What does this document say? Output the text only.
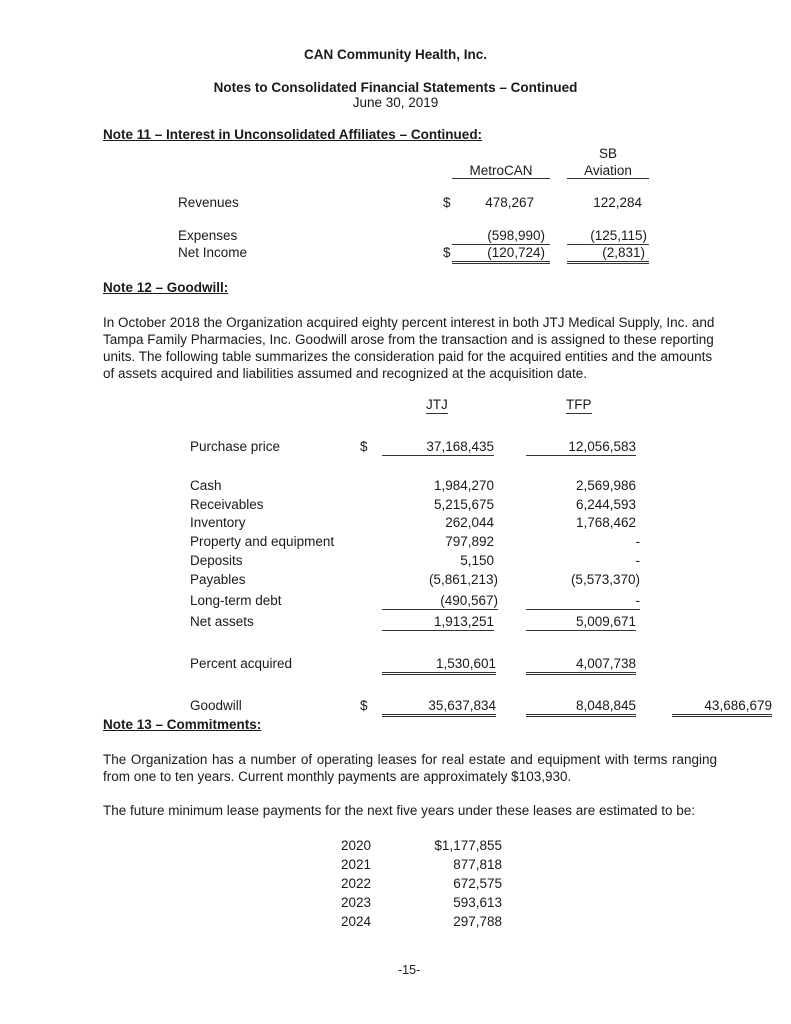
CAN Community Health, Inc.
Notes to Consolidated Financial Statements – Continued
June 30, 2019
Note 11 – Interest in Unconsolidated Affiliates – Continued:
MetroCAN
SB
Aviation
Revenues	$	478,267	122,284
Expenses	(598,990)	(125,115)
Net Income	$	(120,724)	(2,831)
Note 12 – Goodwill:
In October 2018 the Organization acquired eighty percent interest in both JTJ Medical Supply, Inc. and Tampa Family Pharmacies, Inc. Goodwill arose from the transaction and is assigned to these reporting units. The following table summarizes the consideration paid for the acquired entities and the amounts of assets acquired and liabilities assumed and recognized at the acquisition date.
JTJ	TFP
Purchase price	$	37,168,435	12,056,583
Cash	1,984,270	2,569,986
Receivables	5,215,675	6,244,593
Inventory	262,044	1,768,462
Property and equipment	797,892	-
Deposits	5,150	-
Payables	(5,861,213)	(5,573,370)
Long-term debt	(490,567)	-
Net assets	1,913,251	5,009,671
Percent acquired	1,530,601	4,007,738
Goodwill	$	35,637,834	8,048,845	43,686,679
Note 13 – Commitments:
The Organization has a number of operating leases for real estate and equipment with terms ranging from one to ten years. Current monthly payments are approximately $103,930.
The future minimum lease payments for the next five years under these leases are estimated to be:
2020	$1,177,855
2021	877,818
2022	672,575
2023	593,613
2024	297,788
-15-
